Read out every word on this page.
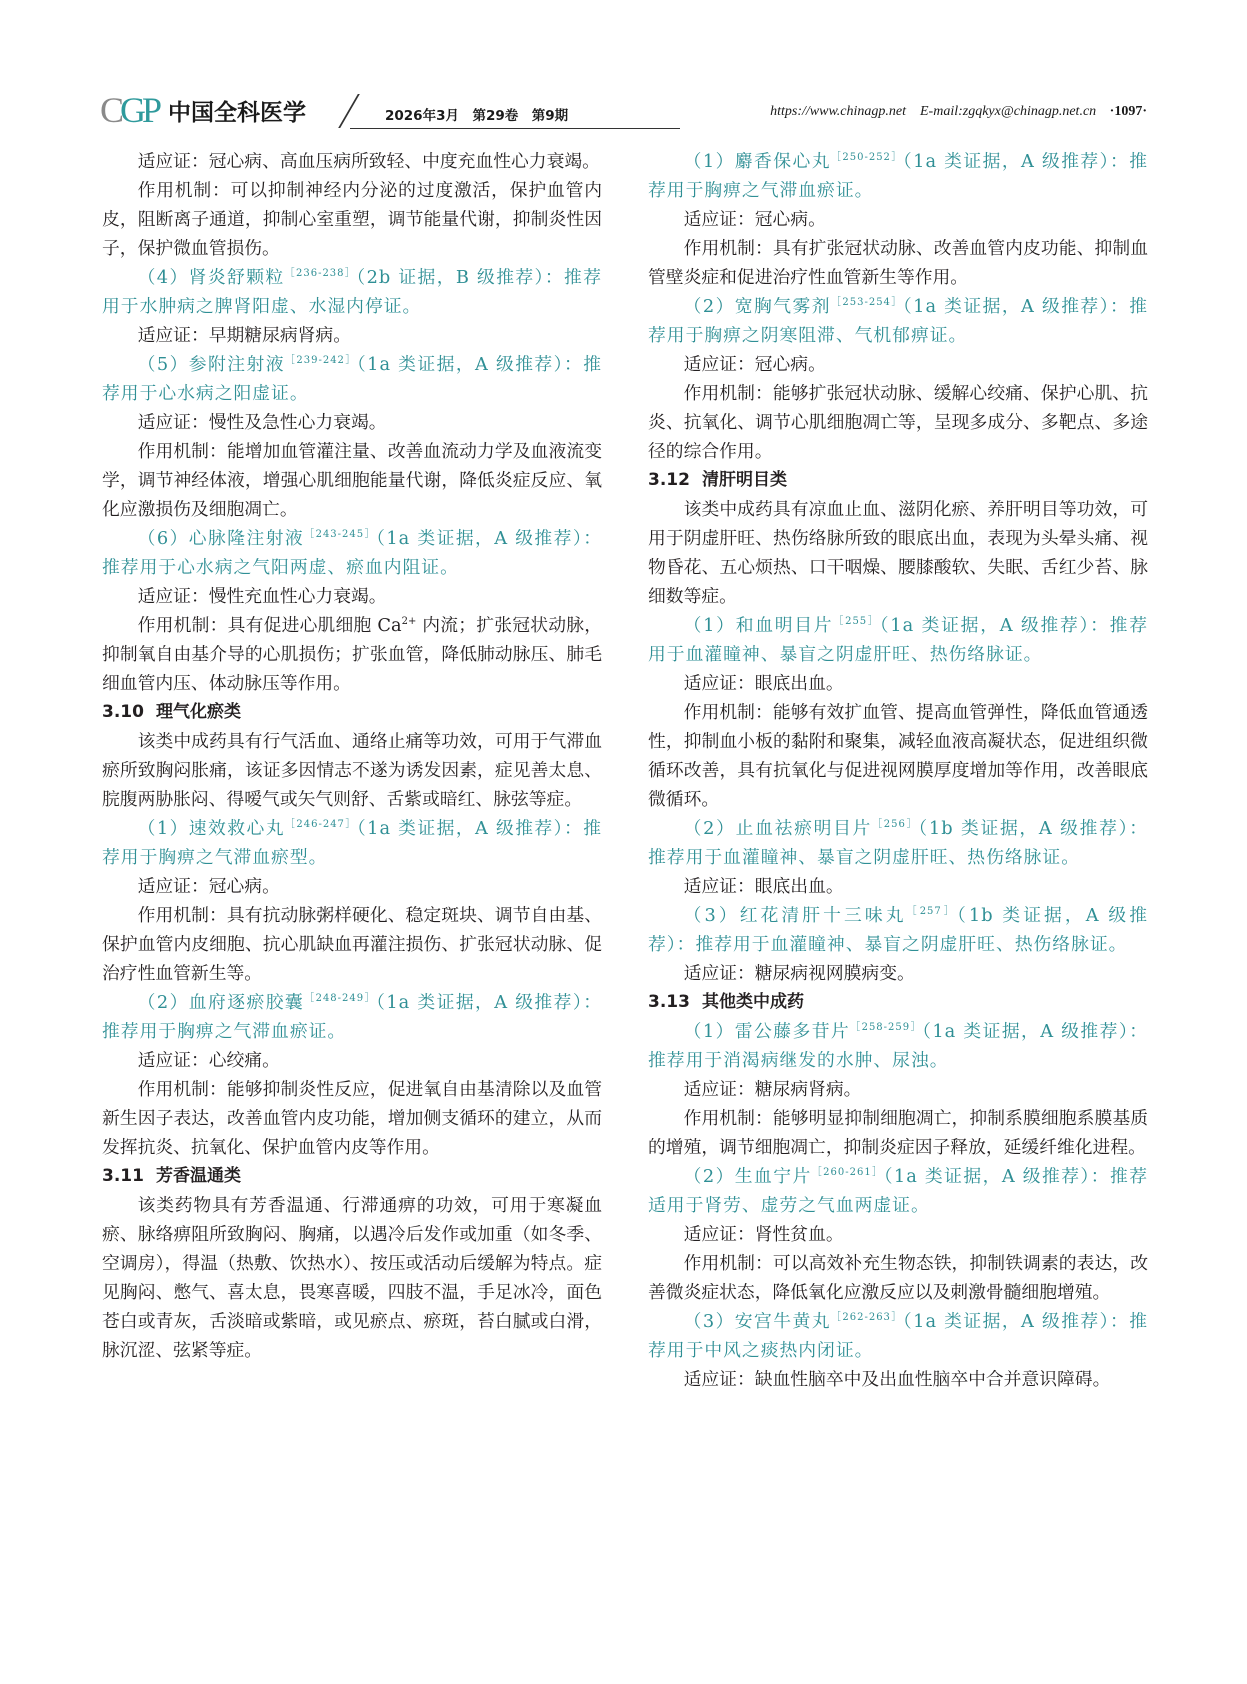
CGP 中国全科医学	2026年3月　第29卷　第9期	https://www.chinagp.net E-mail:zgqkyx@chinagp.net.cn ·1097·

适应证：冠心病、高血压病所致轻、中度充血性心力衰竭。

作用机制：可以抑制神经内分泌的过度激活，保护血管内皮，阻断离子通道，抑制心室重塑，调节能量代谢，抑制炎性因子，保护微血管损伤。

（4）肾炎舒颗粒$^{[236-238]}$（2b 证据，B 级推荐）：推荐用于水肿病之脾肾阳虚、水湿内停证。

适应证：早期糖尿病肾病。

（5）参附注射液$^{[239-242]}$（1a 类证据，A 级推荐）：推荐用于心水病之阳虚证。

适应证：慢性及急性心力衰竭。

作用机制：能增加血管灌注量、改善血流动力学及血液流变学，调节神经体液，增强心肌细胞能量代谢，降低炎症反应、氧化应激损伤及细胞凋亡。

（6）心脉隆注射液$^{[243-245]}$（1a 类证据，A 级推荐）：推荐用于心水病之气阳两虚、瘀血内阻证。

适应证：慢性充血性心力衰竭。

作用机制：具有促进心肌细胞 $Ca^{2+}$ 内流；扩张冠状动脉，抑制氧自由基介导的心肌损伤；扩张血管，降低肺动脉压、肺毛细血管内压、体动脉压等作用。

3.10 理气化瘀类

该类中成药具有行气活血、通络止痛等功效，可用于气滞血瘀所致胸闷胀痛，该证多因情志不遂为诱发因素，症见善太息、脘腹两胁胀闷、得嗳气或矢气则舒、舌紫或暗红、脉弦等症。

（1）速效救心丸$^{[246-247]}$（1a 类证据，A 级推荐）：推荐用于胸痹之气滞血瘀型。

适应证：冠心病。

作用机制：具有抗动脉粥样硬化、稳定斑块、调节自由基、保护血管内皮细胞、抗心肌缺血再灌注损伤、扩张冠状动脉、促治疗性血管新生等。

（2）血府逐瘀胶囊$^{[248-249]}$（1a 类证据，A 级推荐）：推荐用于胸痹之气滞血瘀证。

适应证：心绞痛。

作用机制：能够抑制炎性反应，促进氧自由基清除以及血管新生因子表达，改善血管内皮功能，增加侧支循环的建立，从而发挥抗炎、抗氧化、保护血管内皮等作用。

3.11 芳香温通类

该类药物具有芳香温通、行滞通痹的功效，可用于寒凝血瘀、脉络痹阻所致胸闷、胸痛，以遇冷后发作或加重（如冬季、空调房），得温（热敷、饮热水）、按压或活动后缓解为特点。症见胸闷、憋气、喜太息，畏寒喜暖，四肢不温，手足冰冷，面色苍白或青灰，舌淡暗或紫暗，或见瘀点、瘀斑，苔白腻或白滑，脉沉涩、弦紧等症。

（1）麝香保心丸$^{[250-252]}$（1a 类证据，A 级推荐）：推荐用于胸痹之气滞血瘀证。

适应证：冠心病。

作用机制：具有扩张冠状动脉、改善血管内皮功能、抑制血管壁炎症和促进治疗性血管新生等作用。

（2）宽胸气雾剂$^{[253-254]}$（1a 类证据，A 级推荐）：推荐用于胸痹之阴寒阻滞、气机郁痹证。

适应证：冠心病。

作用机制：能够扩张冠状动脉、缓解心绞痛、保护心肌、抗炎、抗氧化、调节心肌细胞凋亡等，呈现多成分、多靶点、多途径的综合作用。

3.12 清肝明目类

该类中成药具有凉血止血、滋阴化瘀、养肝明目等功效，可用于阴虚肝旺、热伤络脉所致的眼底出血，表现为头晕头痛、视物昏花、五心烦热、口干咽燥、腰膝酸软、失眠、舌红少苔、脉细数等症。

（1）和血明目片$^{[255]}$（1a 类证据，A 级推荐）：推荐用于血灌瞳神、暴盲之阴虚肝旺、热伤络脉证。

适应证：眼底出血。

作用机制：能够有效扩血管、提高血管弹性，降低血管通透性，抑制血小板的黏附和聚集，减轻血液高凝状态，促进组织微循环改善，具有抗氧化与促进视网膜厚度增加等作用，改善眼底微循环。

（2）止血祛瘀明目片$^{[256]}$（1b 类证据，A 级推荐）：推荐用于血灌瞳神、暴盲之阴虚肝旺、热伤络脉证。

适应证：眼底出血。

（3）红花清肝十三味丸$^{[257]}$（1b 类证据，A 级推荐）：推荐用于血灌瞳神、暴盲之阴虚肝旺、热伤络脉证。

适应证：糖尿病视网膜病变。

3.13 其他类中成药

（1）雷公藤多苷片$^{[258-259]}$（1a 类证据，A 级推荐）：推荐用于消渴病继发的水肿、尿浊。

适应证：糖尿病肾病。

作用机制：能够明显抑制细胞凋亡，抑制系膜细胞系膜基质的增殖，调节细胞凋亡，抑制炎症因子释放，延缓纤维化进程。

（2）生血宁片$^{[260-261]}$（1a 类证据，A 级推荐）：推荐适用于肾劳、虚劳之气血两虚证。

适应证：肾性贫血。

作用机制：可以高效补充生物态铁，抑制铁调素的表达，改善微炎症状态，降低氧化应激反应以及刺激骨髓细胞增殖。

（3）安宫牛黄丸$^{[262-263]}$（1a 类证据，A 级推荐）：推荐用于中风之痰热内闭证。

适应证：缺血性脑卒中及出血性脑卒中合并意识障碍。
